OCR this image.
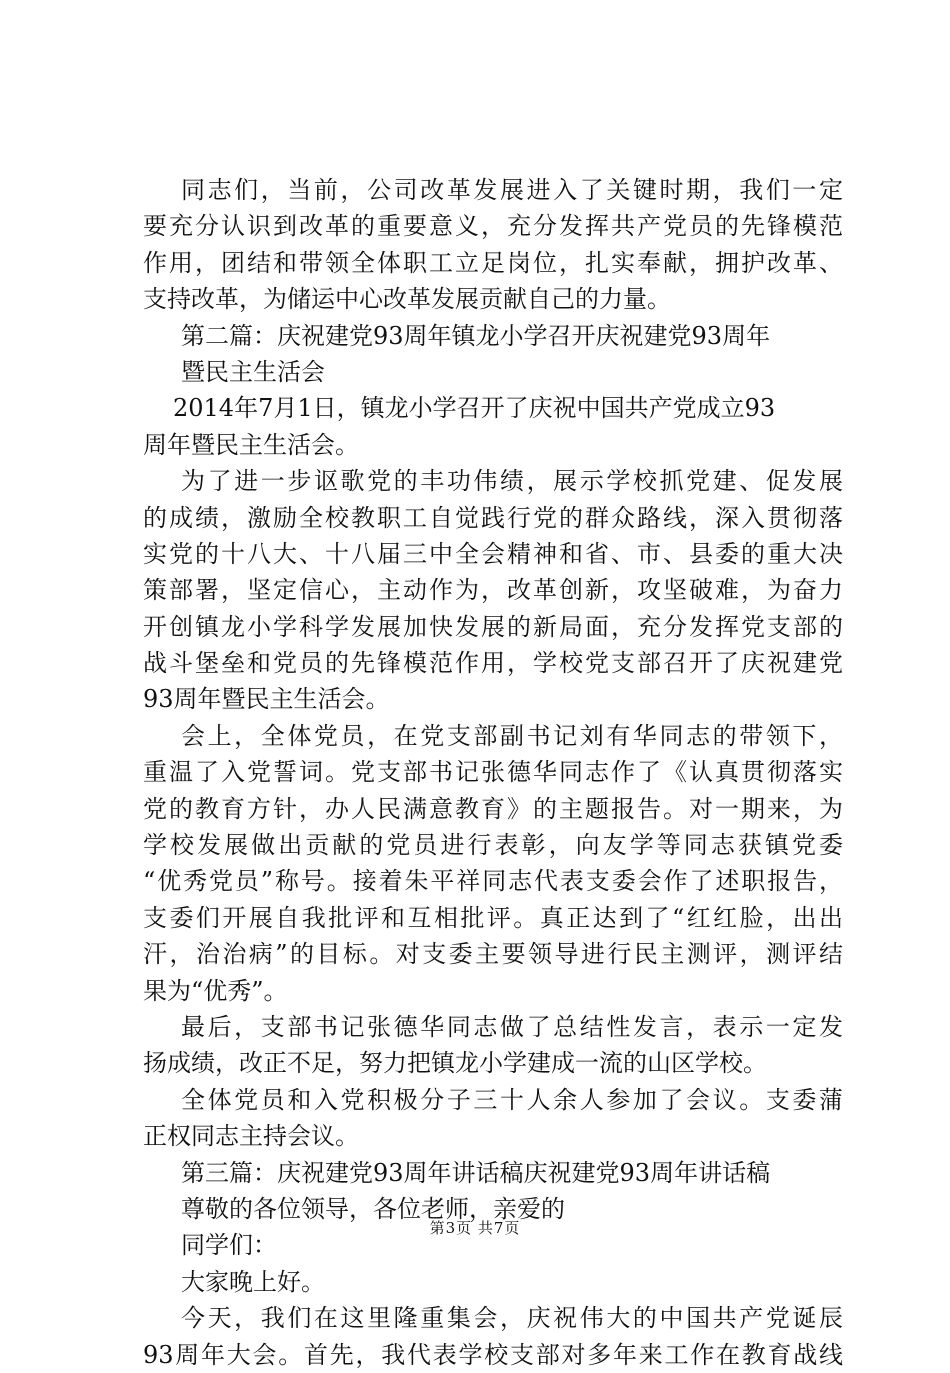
同志们，当前，公司改革发展进入了关键时期，我们一定
要充分认识到改革的重要意义，充分发挥共产党员的先锋模范
作用，团结和带领全体职工立足岗位，扎实奉献，拥护改革、
支持改革，为储运中心改革发展贡献自己的力量。
第二篇：庆祝建党93周年镇龙小学召开庆祝建党93周年
暨民主生活会
2014年7月1日，镇龙小学召开了庆祝中国共产党成立93
周年暨民主生活会。
为了进一步讴歌党的丰功伟绩，展示学校抓党建、促发展
的成绩，激励全校教职工自觉践行党的群众路线，深入贯彻落
实党的十八大、十八届三中全会精神和省、市、县委的重大决
策部署，坚定信心，主动作为，改革创新，攻坚破难，为奋力
开创镇龙小学科学发展加快发展的新局面，充分发挥党支部的
战斗堡垒和党员的先锋模范作用，学校党支部召开了庆祝建党
93周年暨民主生活会。
会上，全体党员，在党支部副书记刘有华同志的带领下，
重温了入党誓词。党支部书记张德华同志作了《认真贯彻落实
党的教育方针，办人民满意教育》的主题报告。对一期来，为
学校发展做出贡献的党员进行表彰，向友学等同志获镇党委
“优秀党员”称号。接着朱平祥同志代表支委会作了述职报告，
支委们开展自我批评和互相批评。真正达到了“红红脸，出出
汗，治治病”的目标。对支委主要领导进行民主测评，测评结
果为“优秀”。
最后，支部书记张德华同志做了总结性发言，表示一定发
扬成绩，改正不足，努力把镇龙小学建成一流的山区学校。
全体党员和入党积极分子三十人余人参加了会议。支委蒲
正权同志主持会议。
第三篇：庆祝建党93周年讲话稿庆祝建党93周年讲话稿
尊敬的各位领导，各位老师，亲爱的
同学们：
大家晚上好。
今天，我们在这里隆重集会，庆祝伟大的中国共产党诞辰
93周年大会。首先，我代表学校支部对多年来工作在教育战线
第3页 共7页
